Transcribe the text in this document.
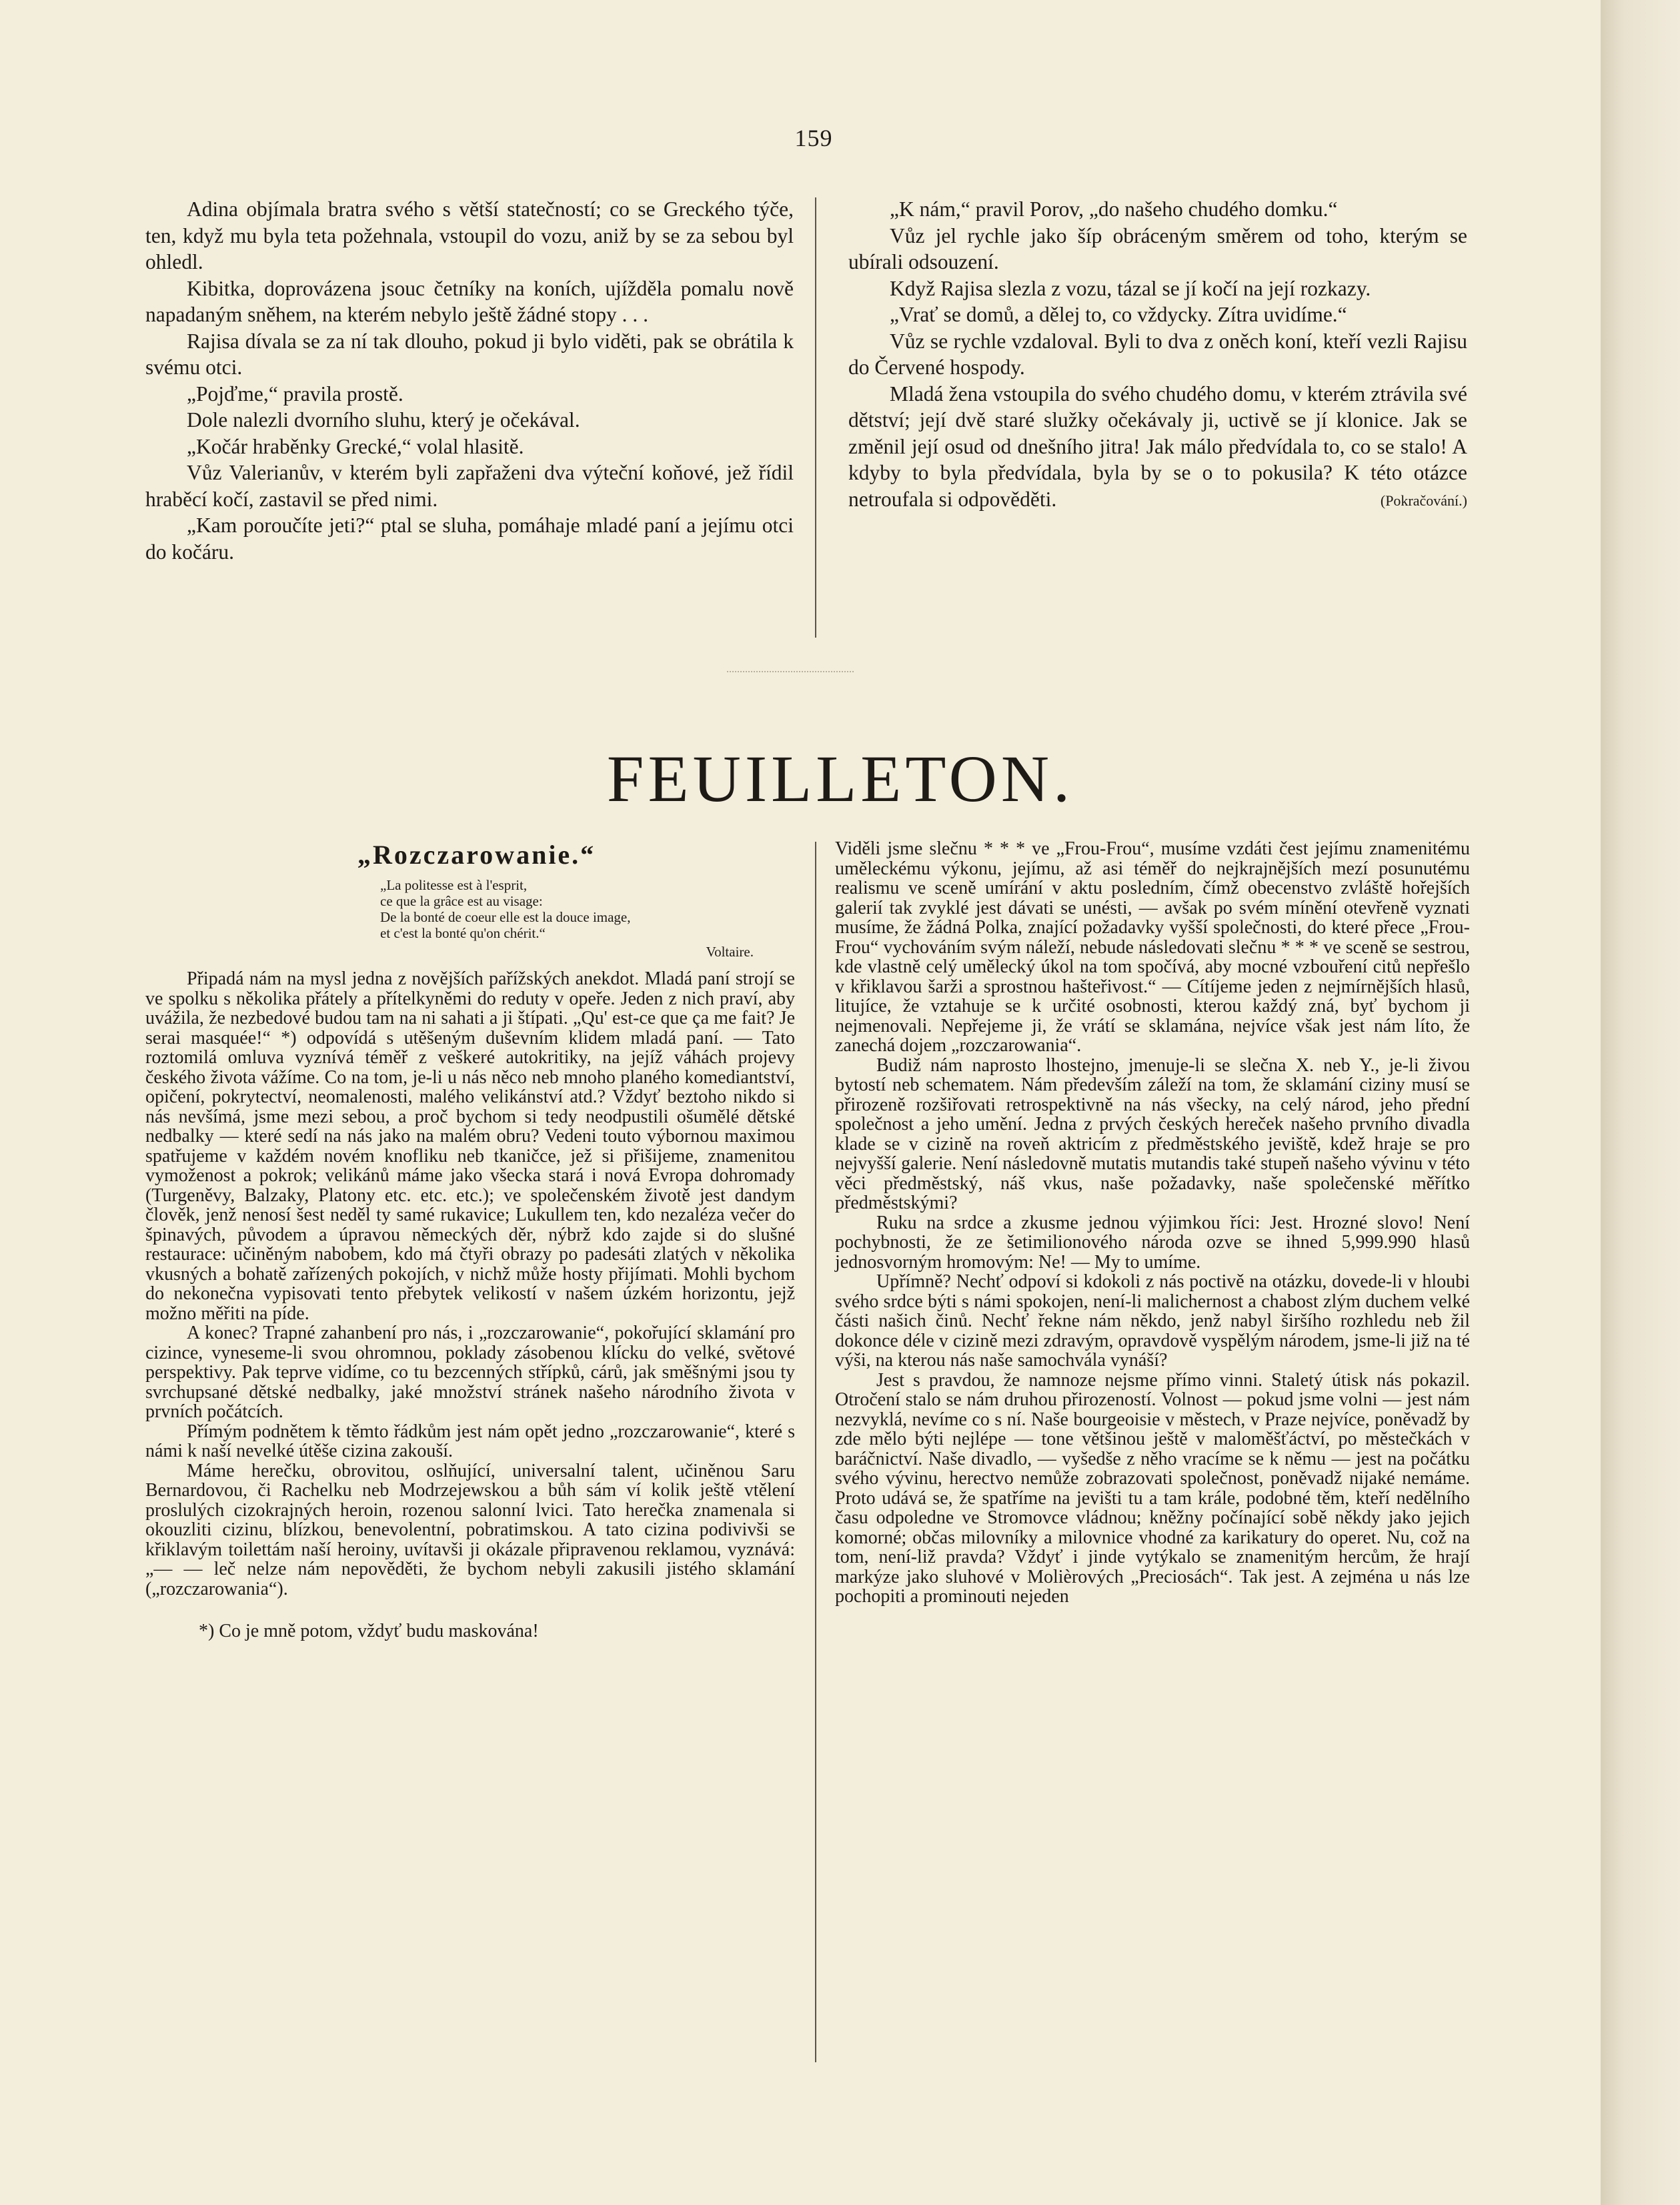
159

Adina objímala bratra svého s větší statečností; co se Greckého týče, ten, když mu byla teta požehnala, vstoupil do vozu, aniž by se za sebou byl ohledl.

Kibitka, doprovázena jsouc četníky na koních, ujížděla pomalu nově napadaným sněhem, na kterém nebylo ještě žádné stopy . . .

Rajisa dívala se za ní tak dlouho, pokud ji bylo viděti, pak se obrátila k svému otci.

„Pojďme,“ pravila prostě.

Dole nalezli dvorního sluhu, který je očekával.

„Kočár hraběnky Grecké,“ volal hlasitě.

Vůz Valerianův, v kterém byli zapřaženi dva výteční koňové, jež řídil hraběcí kočí, zastavil se před nimi.

„Kam poroučíte jeti?“ ptal se sluha, pomáhaje mladé paní a jejímu otci do kočáru.

„K nám,“ pravil Porov, „do našeho chudého domku.“

Vůz jel rychle jako šíp obráceným směrem od toho, kterým se ubírali odsouzení.

Když Rajisa slezla z vozu, tázal se jí kočí na její rozkazy.

„Vrať se domů, a dělej to, co vždycky. Zítra uvidíme.“

Vůz se rychle vzdaloval. Byli to dva z oněch koní, kteří vezli Rajisu do Červené hospody.

Mladá žena vstoupila do svého chudého domu, v kterém ztrávila své dětství; její dvě staré služky očekávaly ji, uctivě se jí klonice. Jak se změnil její osud od dnešního jitra! Jak málo předvídala to, co se stalo! A kdyby to byla předvídala, byla by se o to pokusila? K této otázce netroufala si odpověděti.	(Pokračování.)
FEUILLETON.
„Rozczarowanie.“
„La politesse est à l'esprit,
ce que la grâce est au visage:
De la bonté de coeur elle est la douce image,
et c'est la bonté qu'on chérit.“
Voltaire.

Připadá nám na mysl jedna z novějších pařížských anekdot. Mladá paní strojí se ve spolku s několika přátely a přítelkyněmi do reduty v opeře. Jeden z nich praví, aby uvážila, že nezbedové budou tam na ni sahati a ji štípati. „Qu' est-ce que ça me fait? Je serai masquée!“ *) odpovídá s utěšeným duševním klidem mladá paní. — Tato roztomilá omluva vyznívá téměř z veškeré autokritiky, na jejíž váhách projevy českého života vážíme. Co na tom, je-li u nás něco neb mnoho planého komediantství, opičení, pokrytectví, neomalenosti, malého velikánství atd.? Vždyť beztoho nikdo si nás nevšímá, jsme mezi sebou, a proč bychom si tedy neodpustili ošumělé dětské nedbalky — které sedí na nás jako na malém obru? Vedeni touto výbornou maximou spatřujeme v každém novém knofliku neb tkaničce, jež si přišijeme, znamenitou vymoženost a pokrok; velikánů máme jako všecka stará i nová Evropa dohromady (Turgeněvy, Balzaky, Platony etc. etc. etc.); ve společenském životě jest dandym člověk, jenž nenosí šest neděl ty samé rukavice; Lukullem ten, kdo nezaléza večer do špinavých, původem a úpravou německých děr, nýbrž kdo zajde si do slušné restaurace: učiněným nabobem, kdo má čtyři obrazy po padesáti zlatých v několika vkusných a bohatě zařízených pokojích, v nichž může hosty přijímati. Mohli bychom do nekonečna vypisovati tento přebytek velikostí v našem úzkém horizontu, jejž možno měřiti na píde.

A konec? Trapné zahanbení pro nás, i „rozczarowanie“, pokořující sklamání pro cizince, vyneseme-li svou ohromnou, poklady zásobenou klícku do velké, světové perspektivy. Pak teprve vidíme, co tu bezcenných střípků, cárů, jak směšnými jsou ty svrchupsané dětské nedbalky, jaké množství stránek našeho národního života v prvních počátcích.

Přímým podnětem k těmto řádkům jest nám opět jedno „rozczarowanie“, které s námi k naší nevelké útěše cizina zakouší.

Máme herečku, obrovitou, oslňující, universalní talent, učiněnou Saru Bernardovou, či Rachelku neb Modrzejewskou a bůh sám ví kolik ještě vtělení proslulých cizokrajných heroin, rozenou salonní lvici. Tato herečka znamenala si okouzliti cizinu, blízkou, benevolentní, pobratimskou. A tato cizina podivivši se křiklavým toilettám naší heroiny, uvítavši ji okázale připravenou reklamou, vyznává: „— — leč nelze nám nepověděti, že bychom nebyli zakusili jistého sklamání („rozczarowania“).

*) Co je mně potom, vždyť budu maskována!

Viděli jsme slečnu * * * ve „Frou-Frou“, musíme vzdáti čest jejímu znamenitému uměleckému výkonu, jejímu, až asi téměř do nejkrajnějších mezí posunutému realismu ve sceně umírání v aktu posledním, čímž obecenstvo zvláště hořejších galerií tak zvyklé jest dávati se unésti, — avšak po svém mínění otevřeně vyznati musíme, že žádná Polka, znající požadavky vyšší společnosti, do které přece „Frou-Frou“ vychováním svým náleží, nebude následovati slečnu * * * ve sceně se sestrou, kde vlastně celý umělecký úkol na tom spočívá, aby mocné vzbouření citů nepřešlo v křiklavou šarži a sprostnou hašteřivost.“ — Cítíjeme jeden z nejmírnějších hlasů, litujíce, že vztahuje se k určité osobnosti, kterou každý zná, byť bychom ji nejmenovali. Nepřejeme ji, že vrátí se sklamána, nejvíce však jest nám líto, že zanechá dojem „rozczarowania“.

Budiž nám naprosto lhostejno, jmenuje-li se slečna X. neb Y., je-li živou bytostí neb schematem. Nám především záleží na tom, že sklamání ciziny musí se přirozeně rozšiřovati retrospektivně na nás všecky, na celý národ, jeho přední společnost a jeho umění. Jedna z prvých českých hereček našeho prvního divadla klade se v cizině na roveň aktricím z předměstského jeviště, kdež hraje se pro nejvyšší galerie. Není následovně mutatis mutandis také stupeň našeho vývinu v této věci předměstský, náš vkus, naše požadavky, naše společenské měřítko předměstskými?

Ruku na srdce a zkusme jednou výjimkou říci: Jest. Hrozné slovo! Není pochybnosti, že ze šetimilionového národa ozve se ihned 5,999.990 hlasů jednosvorným hromovým: Ne! — My to umíme.

Upřímně? Nechť odpoví si kdokoli z nás poctivě na otázku, dovede-li v hloubi svého srdce býti s námi spokojen, není-li malichernost a chabost zlým duchem velké části našich činů. Nechť řekne nám někdo, jenž nabyl širšího rozhledu neb žil dokonce déle v cizině mezi zdravým, opravdově vyspělým národem, jsme-li již na té výši, na kterou nás naše samochvála vynáší?

Jest s pravdou, že namnoze nejsme přímo vinni. Staletý útisk nás pokazil. Otročení stalo se nám druhou přirozeností. Volnost — pokud jsme volni — jest nám nezvyklá, nevíme co s ní. Naše bourgeoisie v městech, v Praze nejvíce, poněvadž by zde mělo býti nejlépe — tone většinou ještě v maloměšťáctví, po městečkách v baráčnictví. Naše divadlo, — vyšedše z něho vracíme se k němu — jest na počátku svého vývinu, herectvo nemůže zobrazovati společnost, poněvadž nijaké nemáme. Proto udává se, že spatříme na jevišti tu a tam krále, podobné těm, kteří nedělního času odpoledne ve Stromovce vládnou; kněžny počínající sobě někdy jako jejich komorné; občas milovníky a milovnice vhodné za karikatury do operet. Nu, což na tom, není-liž pravda? Vždyť i jinde vytýkalo se znamenitým hercům, že hrají markýze jako sluhové v Molièrových „Preciosách“. Tak jest. A zejména u nás lze pochopiti a prominouti nejeden
